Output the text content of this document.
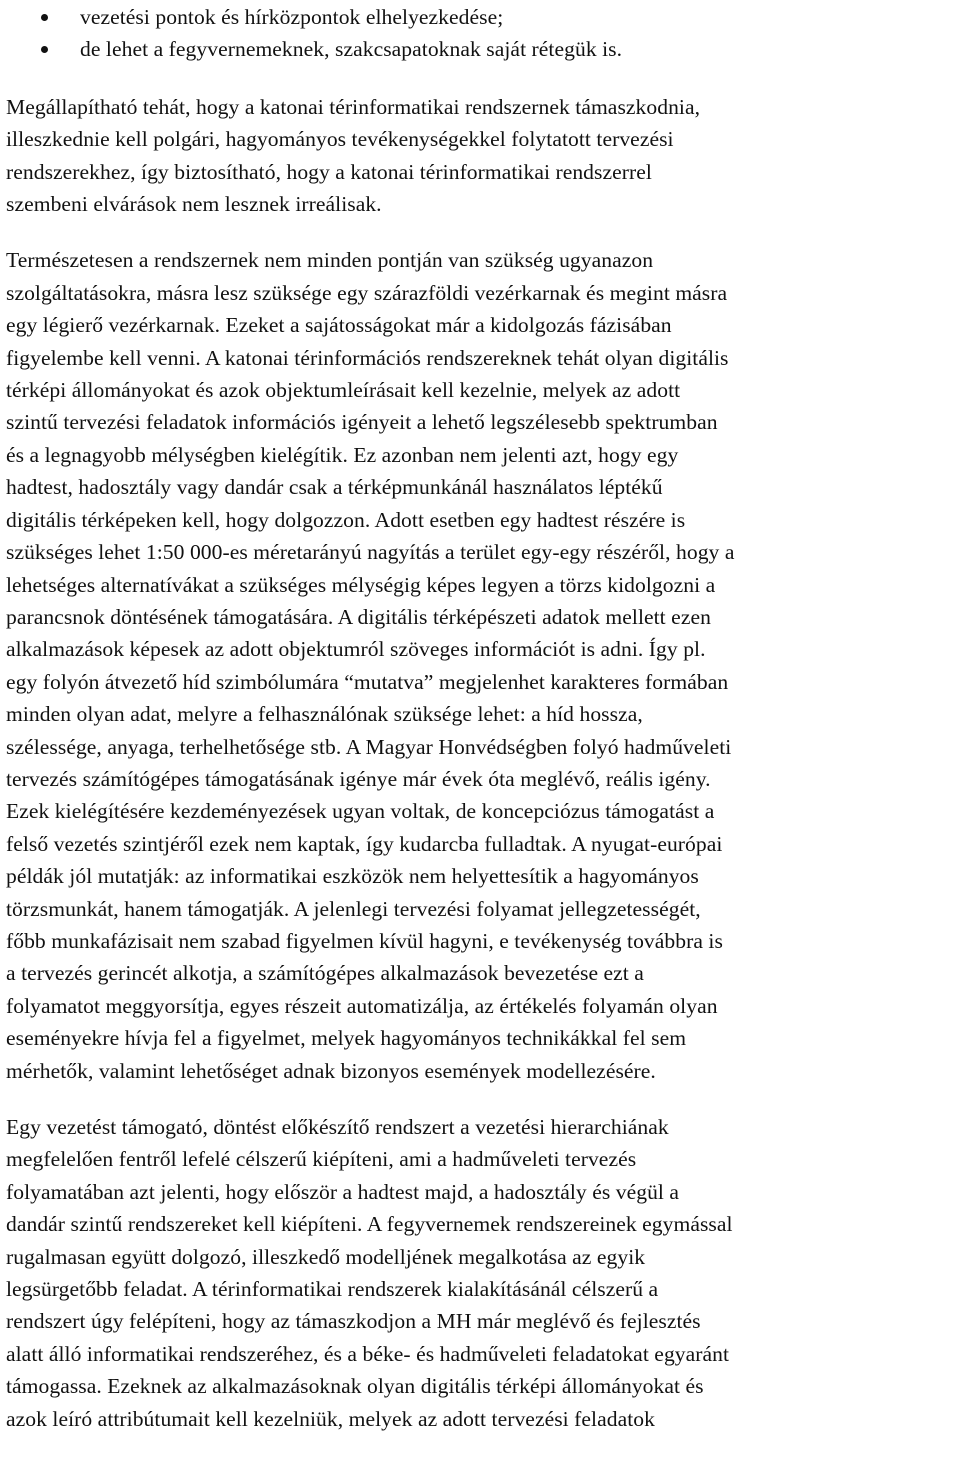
vezetési pontok és hírközpontok elhelyezkedése;
de lehet a fegyvernemeknek, szakcsapatoknak saját rétegük is.

Megállapítható tehát, hogy a katonai térinformatikai rendszernek támaszkodnia,
illeszkednie kell polgári, hagyományos tevékenységekkel folytatott tervezési
rendszerekhez, így biztosítható, hogy a katonai térinformatikai rendszerrel
szembeni elvárások nem lesznek irreálisak.

Természetesen a rendszernek nem minden pontján van szükség ugyanazon
szolgáltatásokra, másra lesz szüksége egy szárazföldi vezérkarnak és megint másra
egy légierő vezérkarnak. Ezeket a sajátosságokat már a kidolgozás fázisában
figyelembe kell venni. A katonai térinformációs rendszereknek tehát olyan digitális
térképi állományokat és azok objektumleírásait kell kezelnie, melyek az adott
szintű tervezési feladatok információs igényeit a lehető legszélesebb spektrumban
és a legnagyobb mélységben kielégítik. Ez azonban nem jelenti azt, hogy egy
hadtest, hadosztály vagy dandár csak a térképmunkánál használatos léptékű
digitális térképeken kell, hogy dolgozzon. Adott esetben egy hadtest részére is
szükséges lehet 1:50 000-es méretarányú nagyítás a terület egy-egy részéről, hogy a
lehetséges alternatívákat a szükséges mélységig képes legyen a törzs kidolgozni a
parancsnok döntésének támogatására. A digitális térképészeti adatok mellett ezen
alkalmazások képesek az adott objektumról szöveges információt is adni. Így pl.
egy folyón átvezető híd szimbólumára “mutatva” megjelenhet karakteres formában
minden olyan adat, melyre a felhasználónak szüksége lehet: a híd hossza,
szélessége, anyaga, terhelhetősége stb. A Magyar Honvédségben folyó hadműveleti
tervezés számítógépes támogatásának igénye már évek óta meglévő, reális igény.
Ezek kielégítésére kezdeményezések ugyan voltak, de koncepciózus támogatást a
felső vezetés szintjéről ezek nem kaptak, így kudarcba fulladtak. A nyugat-európai
példák jól mutatják: az informatikai eszközök nem helyettesítik a hagyományos
törzsmunkát, hanem támogatják. A jelenlegi tervezési folyamat jellegzetességét,
főbb munkafázisait nem szabad figyelmen kívül hagyni, e tevékenység továbbra is
a tervezés gerincét alkotja, a számítógépes alkalmazások bevezetése ezt a
folyamatot meggyorsítja, egyes részeit automatizálja, az értékelés folyamán olyan
eseményekre hívja fel a figyelmet, melyek hagyományos technikákkal fel sem
mérhetők, valamint lehetőséget adnak bizonyos események modellezésére.

Egy vezetést támogató, döntést előkészítő rendszert a vezetési hierarchiának
megfelelően fentről lefelé célszerű kiépíteni, ami a hadműveleti tervezés
folyamatában azt jelenti, hogy először a hadtest majd, a hadosztály és végül a
dandár szintű rendszereket kell kiépíteni. A fegyvernemek rendszereinek egymással
rugalmasan együtt dolgozó, illeszkedő modelljének megalkotása az egyik
legsürgetőbb feladat. A térinformatikai rendszerek kialakításánál célszerű a
rendszert úgy felépíteni, hogy az támaszkodjon a MH már meglévő és fejlesztés
alatt álló informatikai rendszeréhez, és a béke- és hadműveleti feladatokat egyaránt
támogassa. Ezeknek az alkalmazásoknak olyan digitális térképi állományokat és
azok leíró attribútumait kell kezelniük, melyek az adott tervezési feladatok
